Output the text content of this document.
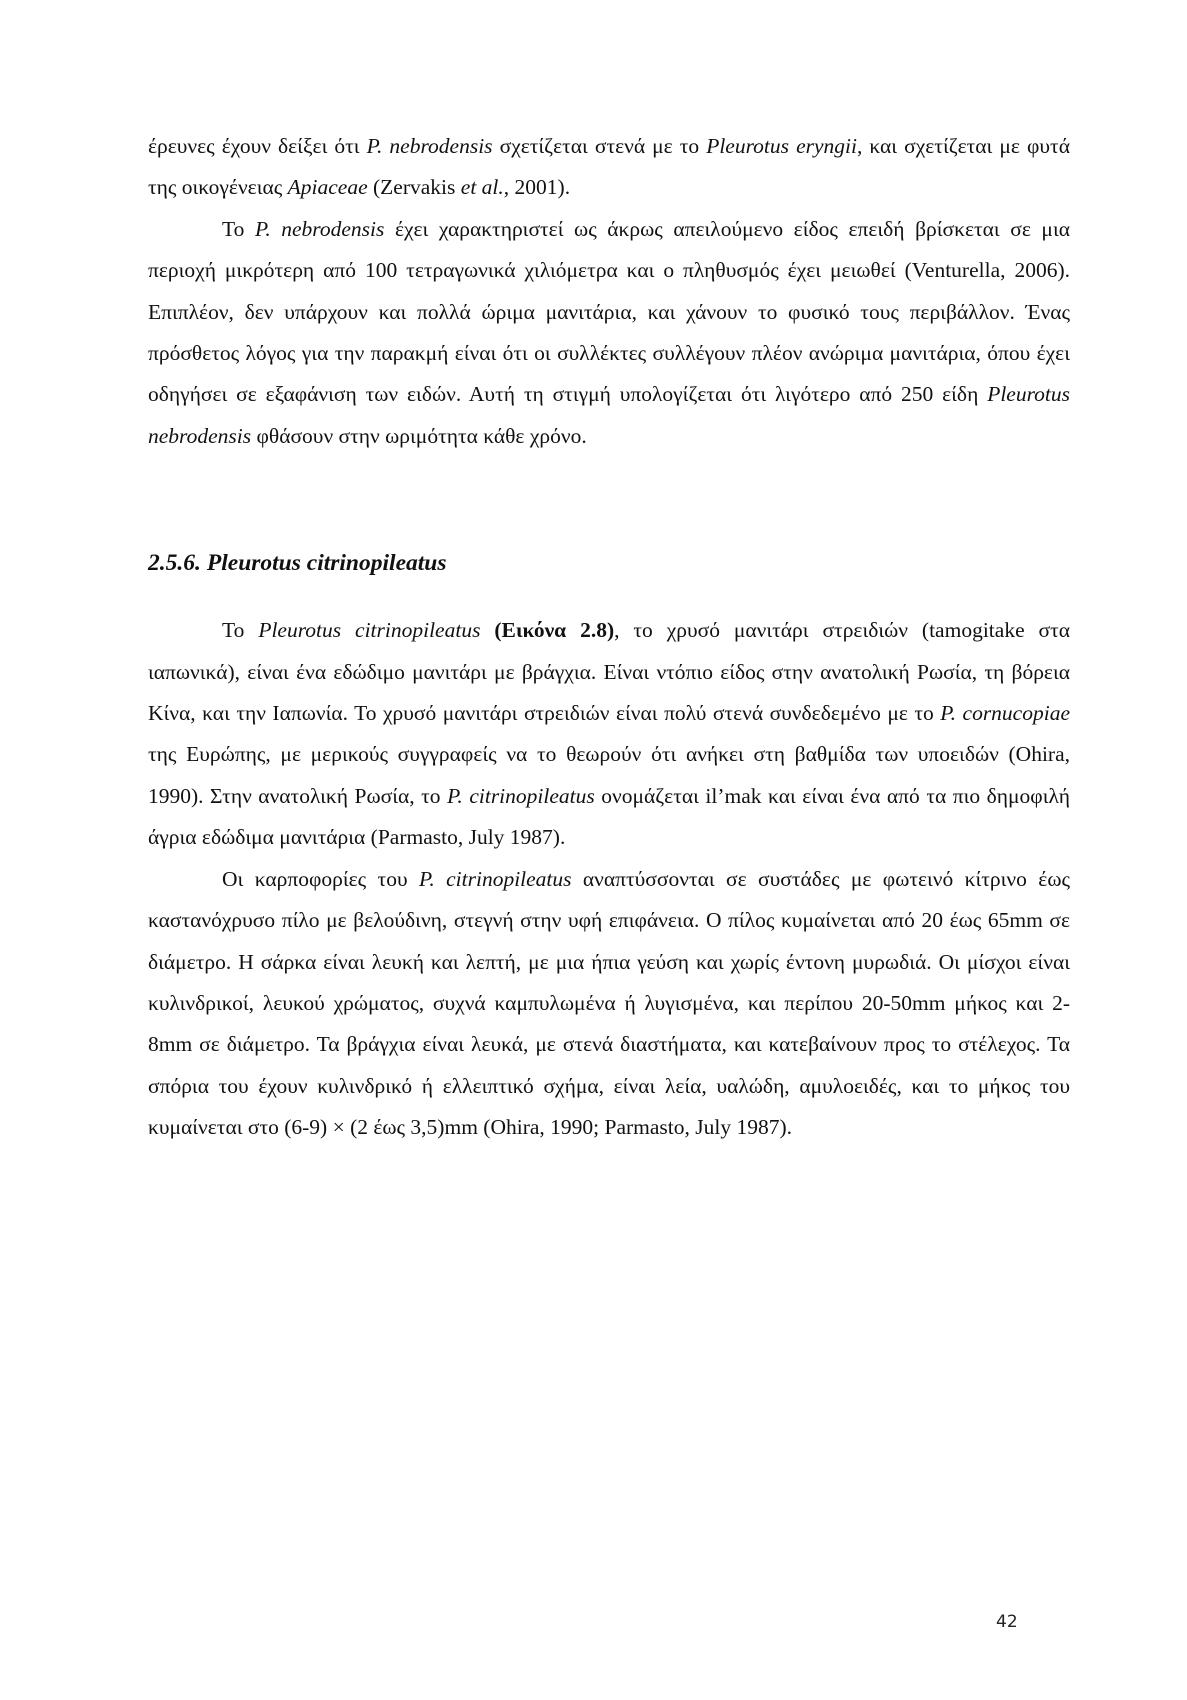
έρευνες έχουν δείξει ότι P. nebrodensis σχετίζεται στενά με το Pleurotus eryngii, και σχετίζεται με φυτά της οικογένειας Apiaceae (Zervakis et al., 2001).

Το P. nebrodensis έχει χαρακτηριστεί ως άκρως απειλούμενο είδος επειδή βρίσκεται σε μια περιοχή μικρότερη από 100 τετραγωνικά χιλιόμετρα και ο πληθυσμός έχει μειωθεί (Venturella, 2006). Επιπλέον, δεν υπάρχουν και πολλά ώριμα μανιτάρια, και χάνουν το φυσικό τους περιβάλλον. Ένας πρόσθετος λόγος για την παρακμή είναι ότι οι συλλέκτες συλλέγουν πλέον ανώριμα μανιτάρια, όπου έχει οδηγήσει σε εξαφάνιση των ειδών. Αυτή τη στιγμή υπολογίζεται ότι λιγότερο από 250 είδη Pleurotus nebrodensis φθάσουν στην ωριμότητα κάθε χρόνο.

2.5.6. Pleurotus citrinopileatus

Το Pleurotus citrinopileatus (Εικόνα 2.8), το χρυσό μανιτάρι στρειδιών (tamogitake στα ιαπωνικά), είναι ένα εδώδιμο μανιτάρι με βράγχια. Είναι ντόπιο είδος στην ανατολική Ρωσία, τη βόρεια Κίνα, και την Ιαπωνία. Το χρυσό μανιτάρι στρειδιών είναι πολύ στενά συνδεδεμένο με το P. cornucopiae της Ευρώπης, με μερικούς συγγραφείς να το θεωρούν ότι ανήκει στη βαθμίδα των υποειδών (Ohira, 1990). Στην ανατολική Ρωσία, το P. citrinopileatus ονομάζεται il’mak και είναι ένα από τα πιο δημοφιλή άγρια εδώδιμα μανιτάρια (Parmasto, July 1987).

Οι καρποφορίες του P. citrinopileatus αναπτύσσονται σε συστάδες με φωτεινό κίτρινο έως καστανόχρυσο πίλο με βελούδινη, στεγνή στην υφή επιφάνεια. Ο πίλος κυμαίνεται από 20 έως 65mm σε διάμετρο. Η σάρκα είναι λευκή και λεπτή, με μια ήπια γεύση και χωρίς έντονη μυρωδιά. Οι μίσχοι είναι κυλινδρικοί, λευκού χρώματος, συχνά καμπυλωμένα ή λυγισμένα, και περίπου 20-50mm μήκος και 2-8mm σε διάμετρο. Τα βράγχια είναι λευκά, με στενά διαστήματα, και κατεβαίνουν προς το στέλεχος. Τα σπόρια του έχουν κυλινδρικό ή ελλειπτικό σχήμα, είναι λεία, υαλώδη, αμυλοειδές, και το μήκος του κυμαίνεται στο (6-9) × (2 έως 3,5)mm (Ohira, 1990; Parmasto, July 1987).

42
